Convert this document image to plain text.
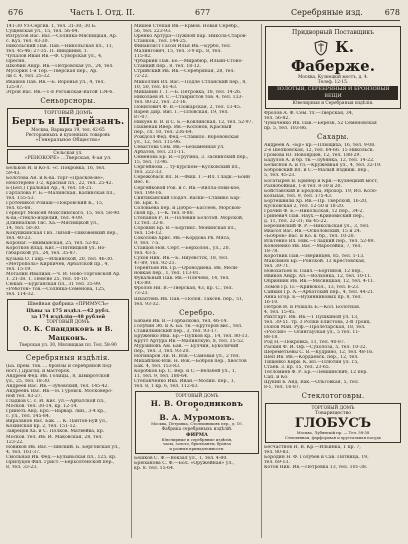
676	Часть I. Отд. II.	677	Серебряные изд.	678
141-30 Уз-Сергив. 1, тел. 31-30; 30 Б.
Сущевская ул., 15, тел. 56-04.
Изгрусов Вас. Вас.—Солянка-Мясницкая, Ар.
с. Куз. тел. 43-30.
Никольский Пав. Пав.—Никольская пл., 11,
тел. 45-46; 27-35. П. Виндиния, 1.
Чупалов Иван Ив.—Ф. Суворская ул., 4,
Пресня.
Шкобин Андр. Ив.—Петровская ул., 24, тел.
Мусорин 1-я Тер.—Тверская пер., Ар.
ли с. 4, тел. 25-32.
Ивашов Пав. Ив.—Б. Воронья ул., 4, тел.
125-87.
Этрон Вас. Ив.—1-я Рогожская-Ватой 134-б.
Сеньорсноры.
ТОРГОВЫЙ ДОМЪ
Бергъ и Штрейзанъ.
Москва, Варварка 19, тел. 42-65
Ресторанныхъ и кухонныхъ товаровъ
«Генеральное Общество»
Сельская ул.
«РЕНОКОРЕ» ...Тверская, 4-ая ул.
Бельков И. и Ко-л. «с. Покровка, 16, тел.
59-43.
Болотова Ан. и К-ва. торг-«Прасков-ие»,
Нехотерево 1-2, Красная пл., 22, тел. 25-42.
Б-(Бел.) Гральная Ар., 4, тел. 18-21.
Гарталова Р. Б.—Малинская, Калинская пл.,
тел. 155-53.
Гротеникол Ромаш—Покровский К., 15,
тел. 65-68.
Гернорт Моисей Мокслинского, 15, тел. 58-90.
К-ва,-стекло-изделий, тел. 4-09.
Длинналков Тис. Ха.—Мясницкой ул.,
14, тел. 50-30.
Кокушкинская Гиз. Лизой—Пиковенкий пер.,
тел. 40-23.
Коронаг.—Якиманская, 25, тел. 52-82.
Коротков Влад. Кис.—Пятницкой ул. Но-
габарской ул., 24, тел. 35-87.
Кузьма О. Гавр.—Ильинской, 20, тел. 46-30.
«Метрополь» Кирпичев, Арбатской пр., 4,
тел. 15-19.
Моталин Ивалиан.—Ч. И. Ново-Торговской Ар.
Т. 21-38. Т. Пенсне 25, тел. 10-10.
Сюкан.—Бурганская пл., 31 тел. 35-99.
«Роботов» тов.—Солянка-Семенова, 125,
тел. 114-32.
Швейная фабрика «ПРИМУСЪ»
Цѣны за 175 издѣл.—42 рубл.
за 174 издѣлія—48 рублей
ТОРГОВЫЙ ДОМЪ
О. К. Спандиковъ и В. Мацконъ.
Тверская ул. 30, Мясницкая пл. Тел. 58-90
Серебряныя издѣлія.
(Ба. прем. тов. ... бронзы и серебряной под-
ност.) Драгоц. и мастерск.
Андреев Фед. Ив. Голицы., 8, Шмиротской
ул., 25, тел. 18-30.
Андреев Вас. Ив.—Зубовский, тел. 145-42.
Андреевъ Вас. Ив.—Н. Гуровск. Московеро-
ной тел. 83-27.
Гладков С. с. И. Кис. ул.—Арбатской пл.,
Москов. тел. 30-14, кр. 12-14.
Гринеть Анд. Еро.—Варвар. лин., 3-4 кр.,
с. ул., тел. 145-84.
Виралаков Вас. Бак. ... К. Пантов-Буй ул.,
Кохинская кр. 2, тел. 151-12.
Заврецов Ха. и С. Полков. Матвейва, кр.
Москов. тел. Ив. И. Маковская, 28, тел.
123-22.
Новиков Ив. Вас.—Зинский. Б. Берговская ул.,
4, тел. 161-37.
Смольная Ив. Фед.—Булыньская пл., 125, кр.
Прилуцов Фил. Грист.—Берхолтенской пер.,
8, тел. 33-23.
Мишев Стёпан Ив.—Ермов. Новая Серебр.,
56, тел. 223-93.
Оренко Артура—Лужной пар. Никола-Старов-
Станков., тел. 144-25.
Финансист Гасон Илья Ив.—Бурбо, тел.
Малингович, 15, тел. 3-9 кр., 8, тел.
115-82.
Чубаркин Пав. Бо.—Мирабюр, Ильин-Стоно-
Станкий пер., 8, тел. 18-12.
Стрийский Ив. Ив.—Серебряная, 28, тел.
72-22.
Миколлин Вл. Вас.—Подле Стланский пер., 8,
10, 50, тел. 61-43.
Мишанин Г. Г.—Б. Петровка, 18, тел. 14-26.
Николаев И. С.—Ставристов тов. 4, тел. 133-
тел. 80-22, тел. 23-16.
Понилович Ф. В.—Пожарская, 2, тел. 13-45.
Варен Дир. Вис. Г.—Пловская, 19, тел.
87-07.
Никуев В. В. и С. Б.—Ковлинская, 12, тел. 52-97.
Пахвенак Ивер. Ив.—Колонов, Красный
пер., сл. 10, тел. 236-64.
Рождсол Фед. Фед.—Ставило. Вороновская
ул., 12, тел. 115-96.
Севастова Сем. Ив.—Безыменная ул.
Арбатов, тел. 211-11.
Семенова Бр. Я.—Гругина, 3. Засвинский пер.,
15, тел. 72-96.
Сергейнова ... ту-курском—Кусковский пл.,
тел. 222-33.
Сережобаск Вл. Я.—Фиш. Г.—Ил. Гладк.—Бонн
Вес. 6.
Сергейковой Рок. и с. Ив.—Вилла-лови-кое,
тел. 198-16.
Синтиканский Подач. Васки—Ставико Бар-
ле. Брк. 6.
Соловьева пер. и Добро—Бассеев, Морсков-
ской пр., 1—К. тел. 8-80.
Степанов Р. Н.—Полевин Болотой. Морской,
12 тел. 32-8.
Сорокин Бр. В.—Бортинс. Монинская пл.,
тел. 154-12.
Соколова Хрис. Ив.—Кордова Рв. Мяса,
9, тел. 7-5.
Ставцов Нов. Серт.—Берхолон., ул., 20,
тел. 43-5.
Сухов Ник. Ив.—Б. Ниуевстск, 18, тел.
47-89, тел. 92-21.
Терентьев Ив. Гр.—Оронодиева. Ив. Мели-
новкая пер., 1, тел. 113-01.
Фукальный Пав. Ив.—Плечево, 14, тел.
143-89.
Фролов Ни. В.—Тверская, 43, кр. С., тел.
73-23.
Шкаптень Ив. Пав.—Полон. Таксев. пер., 51,
тел. 93-32.
Серебро.
Бабаев Ив. В.—Горбасково, тел. 46-14.
Голубин Эб. и А. Ба. тв.—Бруторов вис., тел.
Ставилкинский пер., 3, тел. 93-17.
Бруженко Ива. Бр.—Пупков кр., 14, тел. 80-13.
Крутт Артура Ив.—Малинскую, 8, тел. 15-52.
Мурзиновъ Ам. Бав. — Булчин, Буколичий
пер., тел. 3, тел. 93-20.
Ногинаров Ли. Н. Влк.—Самовая ул., 2 тел.
Михайлюк-Вли. Н. Вок.—Бобров пер., Хвостов
Бак. 4, тел. 153-83.
Коробков Бр. С. Вер. и С.—Вельбей ул., 1,
11, тел. 9, тел. 180-64.
Степанченко Ива. Иван.—Молин. пер., 1,
тел. 8, 1 кр. 6, тел. 112-63.
ТОРГОВЫЙ ДОМЪ
Н. В. Огородниковъ
и
В. А. Муромовъ.
Москва, Петровка, Столешниковъ пер., д. 10.
Фабрика серебряныхъ издѣлій.
ФИРМА
Ювелирные и серебряные издѣлія,
часы, золото, брилліанты, бронза
и разныя принадлежности.
Бешков С. Ф.—Вокзал ул., 1, тел. 4-80.
Брюханова С. Ф.—Бол. «Оружейная» ул.,
кр. 8. тел. 15-64.
Придворный Поставщикъ
К. Фаберже.
Москва, Кузнецкій мостъ, д. 4.
Телеф. 12-15.
ЗОЛОТЫЯ, СЕРЕБРЯНЫЯ И БРОНЗОВЫЯ ВЕЩИ
Ювелирныя и Серебряныя издѣлія.
Фролов А. Ф. Сем. тл.—Тверская, 34,
тел. 56-82.
Чумаченко Ив. Пав.—Березк, 52 Семеновская
пр. 5, тел. 103-86.
Сахары.
Андреев А. «Бр» кр.—Плющиха, 16, тел. 9-08.
2-е Шелковская, 12, тел. 64-66. 15 Никольск.
Громова Ю. Новоярцев, 12, тел. 188-29.
Бадулов А. и бр. тв.—Лубянка, 12, тел. 14-22.
Белиснов А. и тл.—Кружевная ул., 4, тел. 32-19.
Бобровский Вл. и С.—Малый Вздвиж. пер.,
5, тел. 45-23.
Богатырев Я. Бринер и Кри.—Кузнецкий мост,
Разнобойная, 1-я тел. 8-30 и 20.
Бойставский и Бродова, Ирохор. 19, Ил. Коло-
кольная, тел. 9, тел. 175-43.
Бортешвили Хр. Ив.—Пр. Тверской, 16-20,
Кусковская 2, тел. 12-50 и 18-20.
Грачин Ф. Б.—Никольская, 12 пер., 34-2.
Гриневич Пав. Наух.—Кривовиский пер.,
д. 11, тел. 22-31; на 45-22.
Березинский Ф. Р.—Никольская ул., 3, тел.
Ивасол Вас. Ив.—Осколовский, 15 и 24.
«Бобров» Вас. и Ко. в. бр., тел. 10-20.
Ильтенко Вл. Ник.—Гладкий пер., тел. 52-89.
Кононенко Ив. Вас.—Маросейка, 7, тел.
18-78.
Коротник Пав.—Зверинцев, 85, тел. 1-13.
Максимов Бр.—Ронской. 12 Крестовская,
тел. 39-71.
Новохатьев Я. Павл.—Бортинов, 12 пер.,
Ивиков Андр. Ал.—Волхонка, 12, тел. 10-11.
Оприяник Ив. Ив.—Мясницкая, 12, тел. 4-11.
Ломов Гр. П.—Кривокол., 13, тел. 6-23.
Сайкин Гр. А.—Арбатский пер., 4, тел. 44-21.
Анна Егор. в.—Вузинниковых пр. 8, тел.
16-10.
Петров И. и Рошаль Б.—Кол. Болотная.
4, тел. 15-45.
Рихтгарт. Ив. Ив.—1 Пушкиной ул. 13,
тел. 39-51. тр. 3 Ролки Елистова, 2-й Троиц.
Попов Ман. Руф.—Пролетарская, 18, тел.
«Россия» — Осингауская ул., 5 тел. 11-
88-18.
Род Н.—Покровка, 11, тел. 40-87.
Раскин Ф. И. Оф.—Сухолоза, 5, тел. 10-32.
Шереметьевы С. В.—Кудрино, 12, тел. 48-16.
Шеп Ив. Ив.—Кордаевск. пер., 12, тел.
Тищенко Кири. К. мл.—Плютин ул. 15,
Стаев. 3. кр. 15, тел. 23-65.
Тесломиев Ф. Р. Бр.—Левшинскиб, 12 пер.
Сап. и Ко.
Щукин в. Анд. Вак.—Ольговкая, 5, тел.
8-1, тел. 16-87.
Стеклотоговры.
ТОРГОВЫЙ ДОМЪ
Товарищество
ГЛОБУСЪ
Москва, Лубянскій пр. — Тел. 58-38
Стеклянная, фарфоровая и хрустальная посуда
Бесчастнов Н. В. Кр.—Ильинка, 1 кр. 7,
тел. 80-83.
Бородин Н. Ф. Голубев и Сав. Пятница, 19,
тел. 69-13.
Котов Ник. Ив.—Петровка 13, тел. 101-38.
